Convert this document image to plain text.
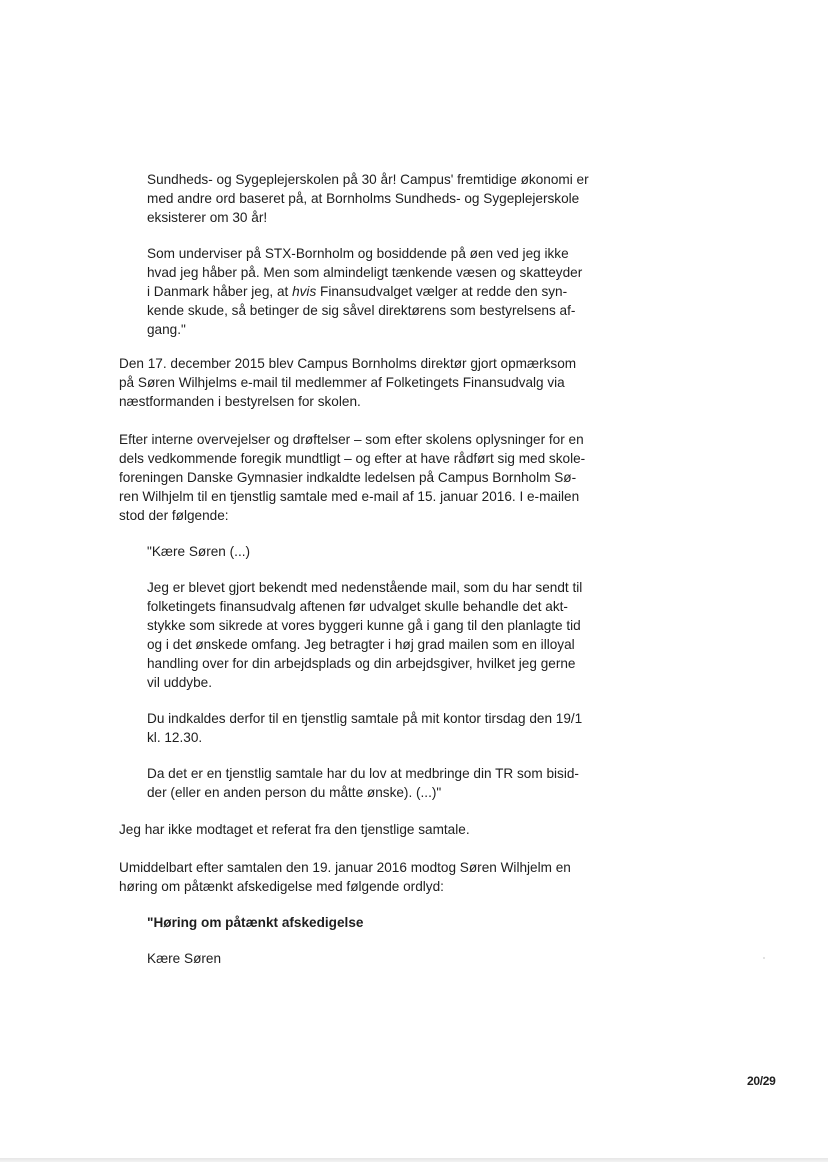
Sundheds- og Sygeplejerskolen på 30 år! Campus' fremtidige økonomi er
med andre ord baseret på, at Bornholms Sundheds- og Sygeplejerskole
eksisterer om 30 år!

Som underviser på STX-Bornholm og bosiddende på øen ved jeg ikke
hvad jeg håber på. Men som almindeligt tænkende væsen og skatteyder
i Danmark håber jeg, at hvis Finansudvalget vælger at redde den syn-
kende skude, så betinger de sig såvel direktørens som bestyrelsens af-
gang."

Den 17. december 2015 blev Campus Bornholms direktør gjort opmærksom
på Søren Wilhjelms e-mail til medlemmer af Folketingets Finansudvalg via
næstformanden i bestyrelsen for skolen.

Efter interne overvejelser og drøftelser – som efter skolens oplysninger for en
dels vedkommende foregik mundtligt – og efter at have rådført sig med skole-
foreningen Danske Gymnasier indkaldte ledelsen på Campus Bornholm Sø-
ren Wilhjelm til en tjenstlig samtale med e-mail af 15. januar 2016. I e-mailen
stod der følgende:

"Kære Søren (...)

Jeg er blevet gjort bekendt med nedenstående mail, som du har sendt til
folketingets finansudvalg aftenen før udvalget skulle behandle det akt-
stykke som sikrede at vores byggeri kunne gå i gang til den planlagte tid
og i det ønskede omfang. Jeg betragter i høj grad mailen som en illoyal
handling over for din arbejdsplads og din arbejdsgiver, hvilket jeg gerne
vil uddybe.

Du indkaldes derfor til en tjenstlig samtale på mit kontor tirsdag den 19/1
kl. 12.30.

Da det er en tjenstlig samtale har du lov at medbringe din TR som bisid-
der (eller en anden person du måtte ønske). (...)"

Jeg har ikke modtaget et referat fra den tjenstlige samtale.

Umiddelbart efter samtalen den 19. januar 2016 modtog Søren Wilhjelm en
høring om påtænkt afskedigelse med følgende ordlyd:

"Høring om påtænkt afskedigelse

Kære Søren

20/29
